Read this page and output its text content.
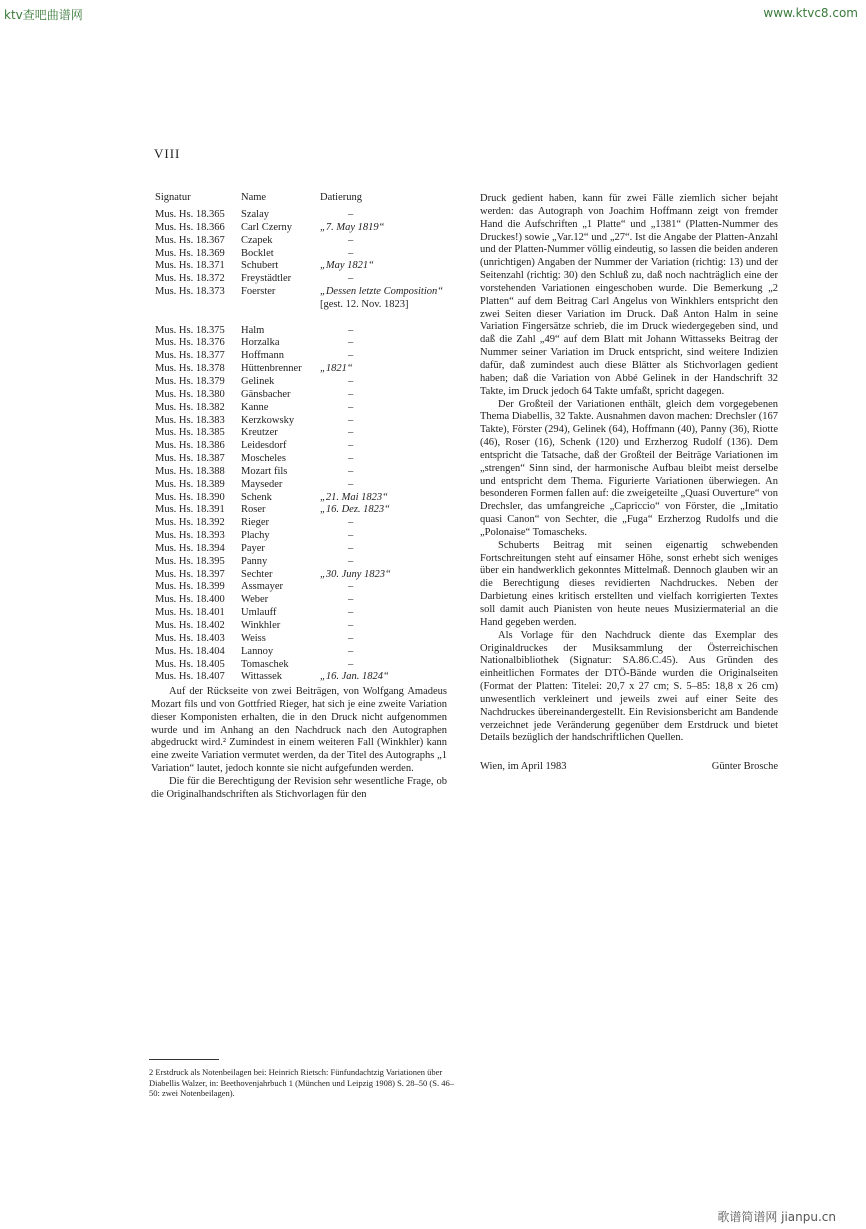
ktv查吧曲谱网	www.ktvc8.com
歌谱简谱网 jianpu.cn
VIII
Signatur	Name	Datierung
Mus. Hs. 18.365	Szalay	–
Mus. Hs. 18.366	Carl Czerny	„7. May 1819“
Mus. Hs. 18.367	Czapek	–
Mus. Hs. 18.369	Bocklet	–
Mus. Hs. 18.371	Schubert	„May 1821“
Mus. Hs. 18.372	Freystädtler	–
Mus. Hs. 18.373	Foerster	„Dessen letzte Composition“
[gest. 12. Nov. 1823]
Mus. Hs. 18.375	Halm	–
Mus. Hs. 18.376	Horzalka	–
Mus. Hs. 18.377	Hoffmann	–
Mus. Hs. 18.378	Hüttenbrenner	„1821“
Mus. Hs. 18.379	Gelinek	–
Mus. Hs. 18.380	Gänsbacher	–
Mus. Hs. 18.382	Kanne	–
Mus. Hs. 18.383	Kerzkowsky	–
Mus. Hs. 18.385	Kreutzer	–
Mus. Hs. 18.386	Leidesdorf	–
Mus. Hs. 18.387	Moscheles	–
Mus. Hs. 18.388	Mozart fils	–
Mus. Hs. 18.389	Mayseder	–
Mus. Hs. 18.390	Schenk	„21. Mai 1823“
Mus. Hs. 18.391	Roser	„16. Dez. 1823“
Mus. Hs. 18.392	Rieger	–
Mus. Hs. 18.393	Plachy	–
Mus. Hs. 18.394	Payer	–
Mus. Hs. 18.395	Panny	–
Mus. Hs. 18.397	Sechter	„30. Juny 1823“
Mus. Hs. 18.399	Assmayer	–
Mus. Hs. 18.400	Weber	–
Mus. Hs. 18.401	Umlauff	–
Mus. Hs. 18.402	Winkhler	–
Mus. Hs. 18.403	Weiss	–
Mus. Hs. 18.404	Lannoy	–
Mus. Hs. 18.405	Tomaschek	–
Mus. Hs. 18.407	Wittassek	„16. Jan. 1824“

Auf der Rückseite von zwei Beiträgen, von Wolfgang Amadeus Mozart fils und von Gottfried Rieger, hat sich je eine zweite Variation dieser Komponisten erhalten, die in den Druck nicht aufgenommen wurde und im Anhang an den Nachdruck nach den Autographen abgedruckt wird.² Zumindest in einem weiteren Fall (Winkhler) kann eine zweite Variation vermutet werden, da der Titel des Autographs „1 Variation“ lautet, jedoch konnte sie nicht aufgefunden werden.

Die für die Berechtigung der Revision sehr wesentliche Frage, ob die Originalhandschriften als Stichvorlagen für den

Druck gedient haben, kann für zwei Fälle ziemlich sicher bejaht werden: das Autograph von Joachim Hoffmann zeigt von fremder Hand die Aufschriften „1 Platte“ und „1381“ (Platten-Nummer des Druckes!) sowie „Var.12“ und „27“. Ist die Angabe der Platten-Anzahl und der Platten-Nummer völlig eindeutig, so lassen die beiden anderen (unrichtigen) Angaben der Nummer der Variation (richtig: 13) und der Seitenzahl (richtig: 30) den Schluß zu, daß noch nachträglich eine der vorstehenden Variationen eingeschoben wurde. Die Bemerkung „2 Platten“ auf dem Beitrag Carl Angelus von Winkhlers entspricht den zwei Seiten dieser Variation im Druck. Daß Anton Halm in seine Variation Fingersätze schrieb, die im Druck wiedergegeben sind, und daß die Zahl „49“ auf dem Blatt mit Johann Wittasseks Beitrag der Nummer seiner Variation im Druck entspricht, sind weitere Indizien dafür, daß zumindest auch diese Blätter als Stichvorlagen gedient haben; daß die Variation von Abbé Gelinek in der Handschrift 32 Takte, im Druck jedoch 64 Takte umfaßt, spricht dagegen.

Der Großteil der Variationen enthält, gleich dem vorgegebenen Thema Diabellis, 32 Takte. Ausnahmen davon machen: Drechsler (167 Takte), Förster (294), Gelinek (64), Hoffmann (40), Panny (36), Riotte (46), Roser (16), Schenk (120) und Erzherzog Rudolf (136). Dem entspricht die Tatsache, daß der Großteil der Beiträge Variationen im „strengen“ Sinn sind, der harmonische Aufbau bleibt meist derselbe und entspricht dem Thema. Figurierte Variationen überwiegen. An besonderen Formen fallen auf: die zweigeteilte „Quasi Ouverture“ von Drechsler, das umfangreiche „Capriccio“ von Förster, die „Imitatio quasi Canon“ von Sechter, die „Fuga“ Erzherzog Rudolfs und die „Polonaise“ Tomascheks.

Schuberts Beitrag mit seinen eigenartig schwebenden Fortschreitungen steht auf einsamer Höhe, sonst erhebt sich weniges über ein handwerklich gekonntes Mittelmaß. Dennoch glauben wir an die Berechtigung dieses revidierten Nachdruckes. Neben der Darbietung eines kritisch erstellten und vielfach korrigierten Textes soll damit auch Pianisten von heute neues Musiziermaterial an die Hand gegeben werden.

Als Vorlage für den Nachdruck diente das Exemplar des Originaldruckes der Musiksammlung der Österreichischen Nationalbibliothek (Signatur: SA.86.C.45). Aus Gründen des einheitlichen Formates der DTÖ-Bände wurden die Originalseiten (Format der Platten: Titelei: 20,7 x 27 cm; S. 5–85: 18,8 x 26 cm) unwesentlich verkleinert und jeweils zwei auf einer Seite des Nachdruckes übereinandergestellt. Ein Revisionsbericht am Bandende verzeichnet jede Veränderung gegenüber dem Erstdruck und bietet Details bezüglich der handschriftlichen Quellen.

Wien, im April 1983	Günter Brosche
2 Erstdruck als Notenbeilagen bei: Heinrich Rietsch: Fünfundachtzig Variationen über Diabellis Walzer, in: Beethovenjahrbuch 1 (München und Leipzig 1908) S. 28–50 (S. 46–50: zwei Notenbeilagen).
